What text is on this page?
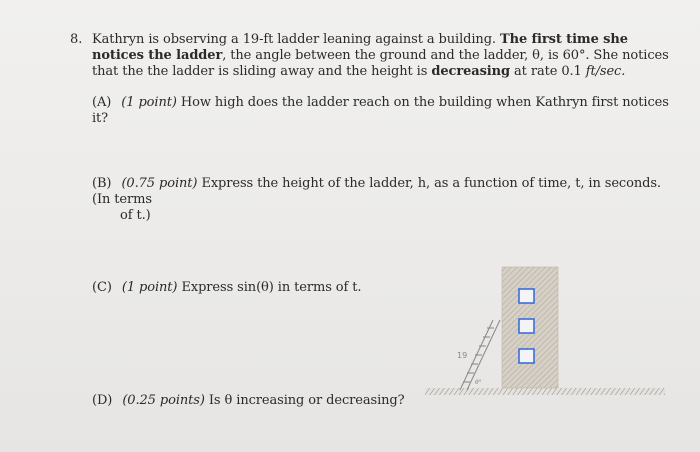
8. Kathryn is observing a 19-ft ladder leaning against a building. The first time she notices the ladder, the angle between the ground and the ladder, θ, is 60°. She notices that the the ladder is sliding away and the height is decreasing at rate 0.1 ft/sec.
(A) (1 point) How high does the ladder reach on the building when Kathryn first notices it?
(B) (0.75 point) Express the height of the ladder, h, as a function of time, t, in seconds. (In terms
of t.)
(C) (1 point) Express sin(θ) in terms of t.
(D) (0.25 points) Is θ increasing or decreasing?
19
θ°
